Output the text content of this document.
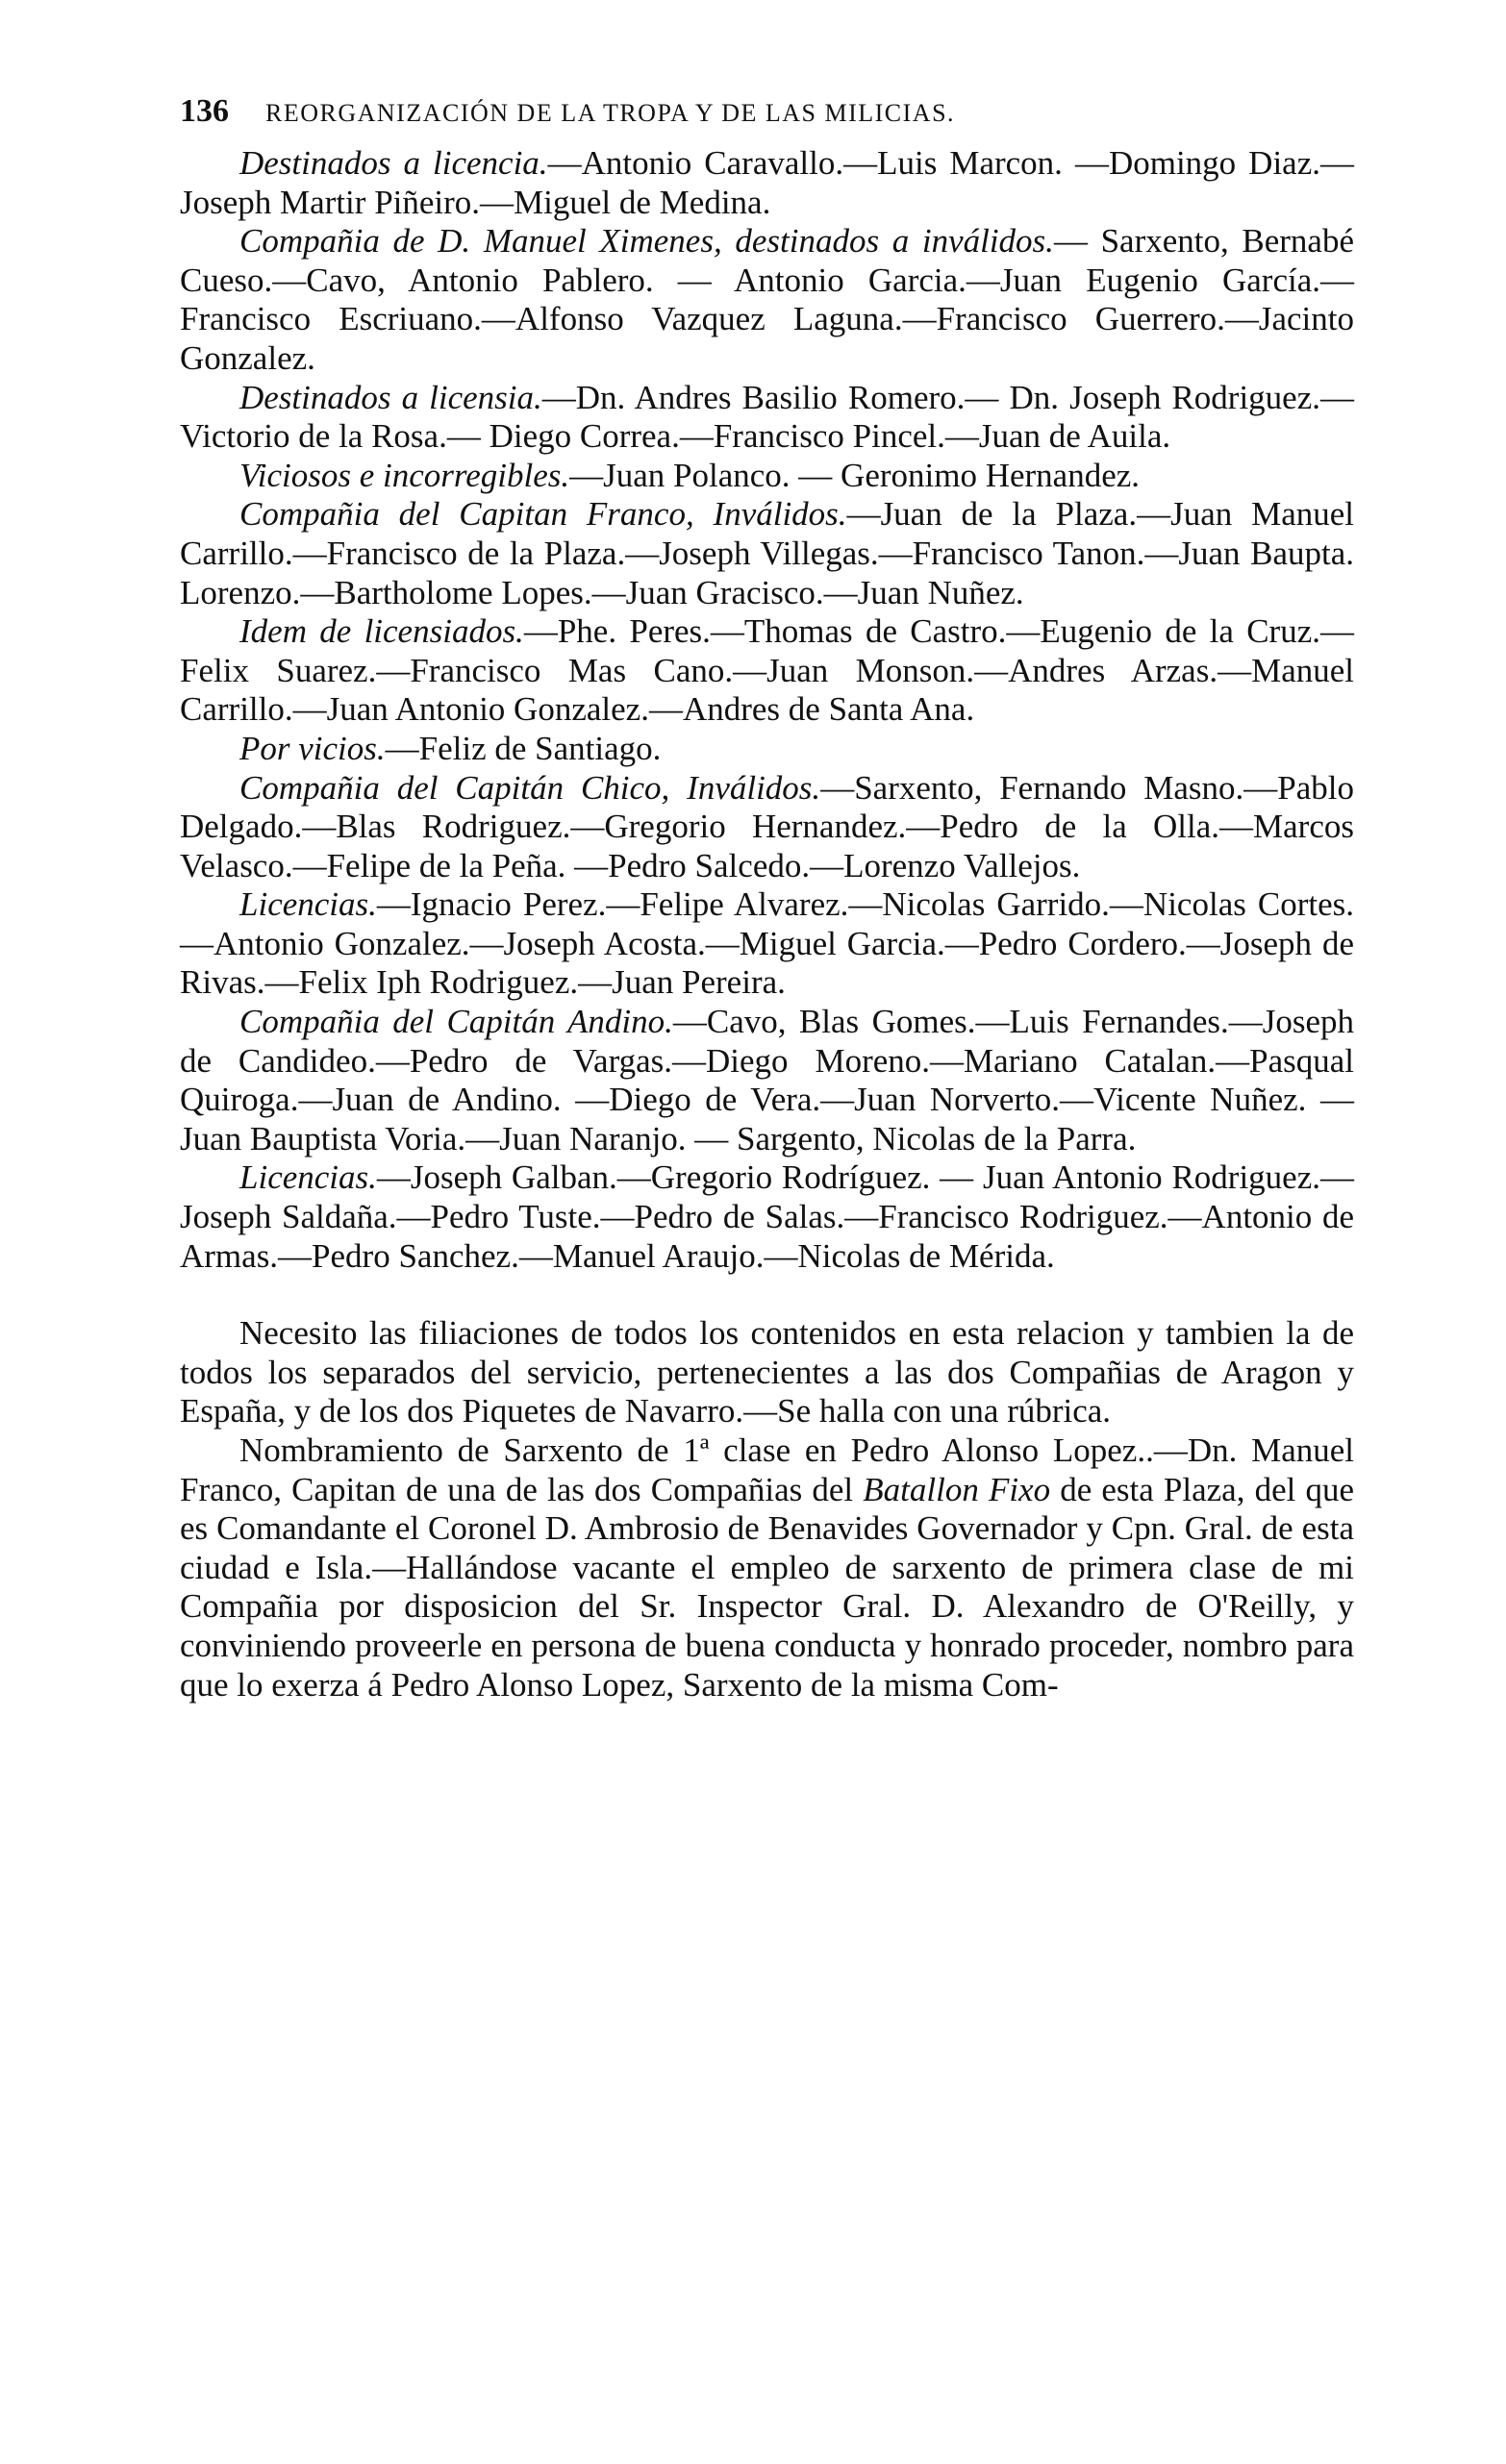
136 REORGANIZACIÓN DE LA TROPA Y DE LAS MILICIAS.

Destinados a licencia.—Antonio Caravallo.—Luis Marcon. —Domingo Diaz.— Joseph Martir Piñeiro.—Miguel de Medina.

Compañia de D. Manuel Ximenes, destinados a inválidos.— Sarxento, Bernabé Cueso.—Cavo, Antonio Pablero. — Antonio Garcia.—Juan Eugenio García.—Francisco Escriuano.—Alfonso Vazquez Laguna.—Francisco Guerrero.—Jacinto Gonzalez.

Destinados a licensia.—Dn. Andres Basilio Romero.— Dn. Joseph Rodriguez.—Victorio de la Rosa.— Diego Correa.—Francisco Pincel.—Juan de Auila.

Viciosos e incorregibles.—Juan Polanco. — Geronimo Hernandez.

Compañia del Capitan Franco, Inválidos.—Juan de la Plaza.—Juan Manuel Carrillo.—Francisco de la Plaza.—Joseph Villegas.—Francisco Tanon.—Juan Baupta. Lorenzo.—Bartholome Lopes.—Juan Gracisco.—Juan Nuñez.

Idem de licensiados.—Phe. Peres.—Thomas de Castro.—Eugenio de la Cruz.—Felix Suarez.—Francisco Mas Cano.—Juan Monson.—Andres Arzas.—Manuel Carrillo.—Juan Antonio Gonzalez.—Andres de Santa Ana.

Por vicios.—Feliz de Santiago.

Compañia del Capitán Chico, Inválidos.—Sarxento, Fernando Masno.—Pablo Delgado.—Blas Rodriguez.—Gregorio Hernandez.—Pedro de la Olla.—Marcos Velasco.—Felipe de la Peña. —Pedro Salcedo.—Lorenzo Vallejos.

Licencias.—Ignacio Perez.—Felipe Alvarez.—Nicolas Garrido.—Nicolas Cortes.—Antonio Gonzalez.—Joseph Acosta.—Miguel Garcia.—Pedro Cordero.—Joseph de Rivas.—Felix Iph Rodriguez.—Juan Pereira.

Compañia del Capitán Andino.—Cavo, Blas Gomes.—Luis Fernandes.—Joseph de Candideo.—Pedro de Vargas.—Diego Moreno.—Mariano Catalan.—Pasqual Quiroga.—Juan de Andino. —Diego de Vera.—Juan Norverto.—Vicente Nuñez. — Juan Bauptista Voria.—Juan Naranjo. — Sargento, Nicolas de la Parra.

Licencias.—Joseph Galban.—Gregorio Rodríguez. — Juan Antonio Rodriguez.—Joseph Saldaña.—Pedro Tuste.—Pedro de Salas.—Francisco Rodriguez.—Antonio de Armas.—Pedro Sanchez.—Manuel Araujo.—Nicolas de Mérida.

Necesito las filiaciones de todos los contenidos en esta relacion y tambien la de todos los separados del servicio, pertenecientes a las dos Compañias de Aragon y España, y de los dos Piquetes de Navarro.—Se halla con una rúbrica.

Nombramiento de Sarxento de 1ª clase en Pedro Alonso Lopez..—Dn. Manuel Franco, Capitan de una de las dos Compañias del Batallon Fixo de esta Plaza, del que es Comandante el Coronel D. Ambrosio de Benavides Governador y Cpn. Gral. de esta ciudad e Isla.—Hallándose vacante el empleo de sarxento de primera clase de mi Compañia por disposicion del Sr. Inspector Gral. D. Alexandro de O'Reilly, y conviniendo proveerle en persona de buena conducta y honrado proceder, nombro para que lo exerza á Pedro Alonso Lopez, Sarxento de la misma Com-
